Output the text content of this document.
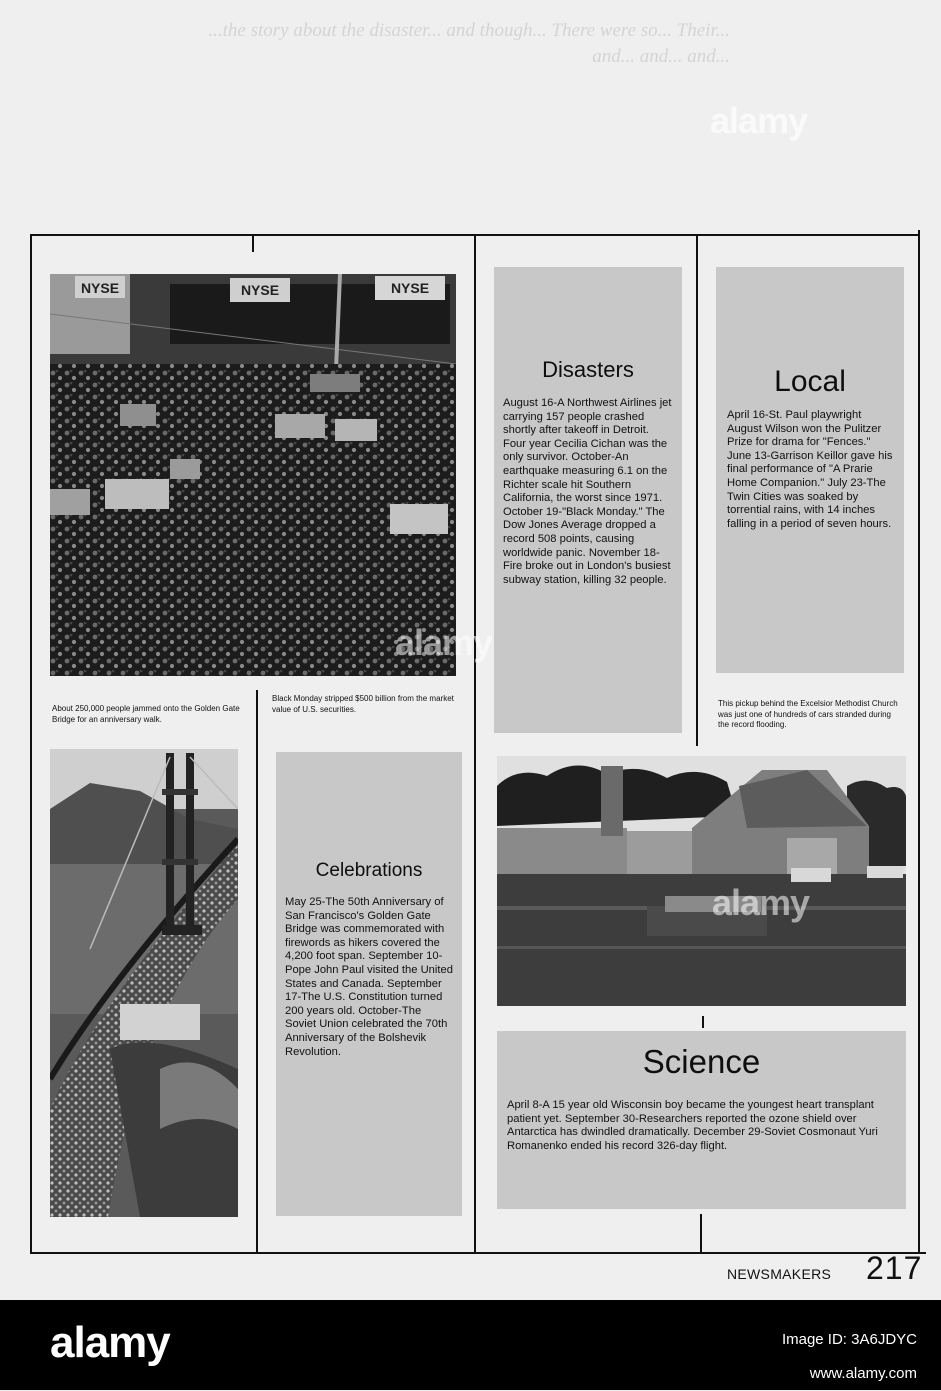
...the story about the disaster... and though... There were so... Their... and... and... and...
NYSE	NYSE	NYSE

About 250,000 people jammed onto the Golden Gate Bridge for an anniversary walk.

Black Monday stripped $500 billion from the market value of U.S. securities.

This pickup behind the Excelsior Methodist Church was just one of hundreds of cars stranded during the record flooding.

Disasters

August 16-A Northwest Airlines jet carrying 157 people crashed shortly after takeoff in Detroit. Four year Cecilia Cichan was the only survivor. October-An earthquake measuring 6.1 on the Richter scale hit Southern California, the worst since 1971. October 19-"Black Monday." The Dow Jones Average dropped a record 508 points, causing worldwide panic. November 18-Fire broke out in London's busiest subway station, killing 32 people.

Local

April 16-St. Paul playwright August Wilson won the Pulitzer Prize for drama for "Fences." June 13-Garrison Keillor gave his final performance of "A Prarie Home Companion." July 23-The Twin Cities was soaked by torrential rains, with 14 inches falling in a period of seven hours.

Celebrations

May 25-The 50th Anniversary of San Francisco's Golden Gate Bridge was commemorated with firewords as hikers covered the 4,200 foot span. September 10-Pope John Paul visited the United States and Canada. September 17-The U.S. Constitution turned 200 years old. October-The Soviet Union celebrated the 70th Anniversary of the Bolshevik Revolution.	Science

April 8-A 15 year old Wisconsin boy became the youngest heart transplant patient yet. September 30-Researchers reported the ozone shield over Antarctica has dwindled dramatically. December 29-Soviet Cosmonaut Yuri Romanenko ended his record 326-day flight.

NEWSMAKERS 217
alamy
alamy
alamy
alamy	Image ID: 3A6JDYC
www.alamy.com
